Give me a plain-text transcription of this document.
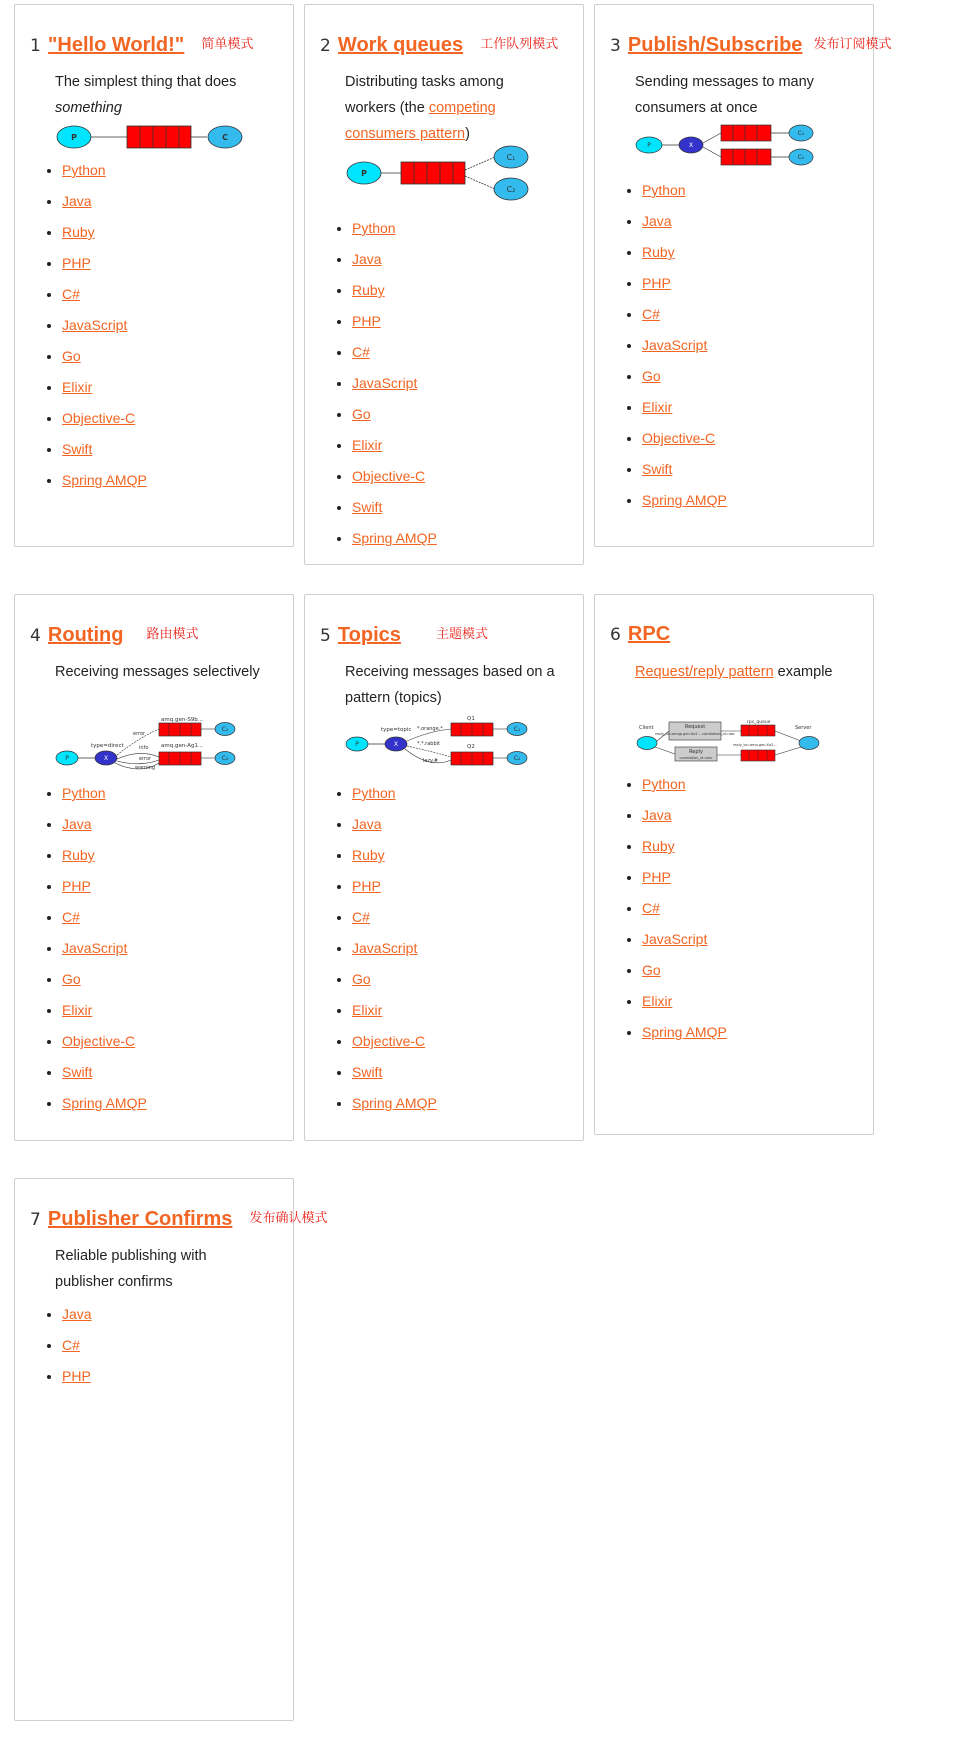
1 "Hello World!" 简单模式
The simplest thing that does something
P	C
• Python
• Java
• Ruby
• PHP
• C#
• JavaScript
• Go
• Elixir
• Objective-C
• Swift
• Spring AMQP
2 Work queues 工作队列模式
Distributing tasks among workers (the competing consumers pattern)
P
C₁
C₂
• Python
• Java
• Ruby
• PHP
• C#
• JavaScript
• Go
• Elixir
• Objective-C
• Swift
• Spring AMQP
3 Publish/Subscribe 发布订阅模式
Sending messages to many consumers at once
P	X
C₁
C₂
• Python
• Java
• Ruby
• PHP
• C#
• JavaScript
• Go
• Elixir
• Objective-C
• Swift
• Spring AMQP
4 Routing 路由模式
Receiving messages selectively
P	X
type=direct
error
info
error
warning
amq.gen-S9b...
amq.gen-Ag1...
C₁
C₂
• Python
• Java
• Ruby
• PHP
• C#
• JavaScript
• Go
• Elixir
• Objective-C
• Swift
• Spring AMQP
5 Topics	主题模式
Receiving messages based on a pattern (topics)
P	X
type=topic *.orange.*
*.*.rabbit
lazy.#
Q1
Q2
C₁
C₂
• Python
• Java
• Ruby
• PHP
• C#
• JavaScript
• Go
• Elixir
• Objective-C
• Swift
• Spring AMQP
6 RPC
Request/reply pattern example
Client	Request
reply_to=amqp.gen-Xa2... correlation_id=abc
rpc_queue
Server
reply_to=amq.gen-Xa2...
Reply
correlation_id=abc
• Python
• Java
• Ruby
• PHP
• C#
• JavaScript
• Go
• Elixir
• Spring AMQP
7 Publisher Confirms 发布确认模式
Reliable publishing with publisher confirms
• Java
• C#
• PHP
